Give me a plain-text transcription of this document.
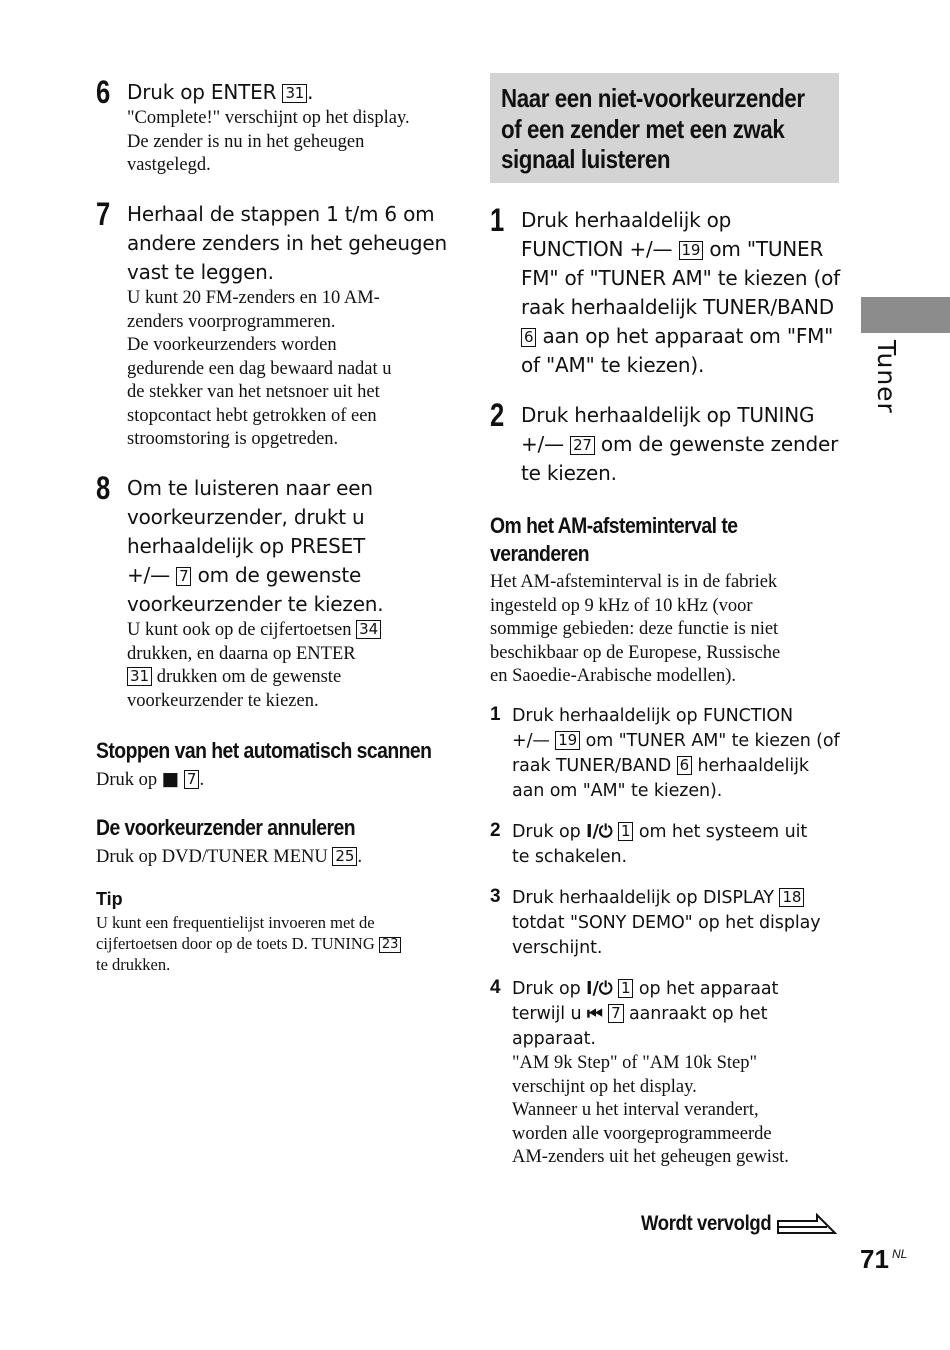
6 Druk op ENTER 31 .
"Complete!" verschijnt op het display.
De zender is nu in het geheugen
vastgelegd.
7 Herhaal de stappen 1 t/m 6 om
andere zenders in het geheugen
vast te leggen.
U kunt 20 FM-zenders en 10 AM-
zenders voorprogrammeren.
De voorkeurzenders worden
gedurende een dag bewaard nadat u
de stekker van het netsnoer uit het
stopcontact hebt getrokken of een
stroomstoring is opgetreden.
8 Om te luisteren naar een
voorkeurzender, drukt u
herhaaldelijk op PRESET
+/— 7 om de gewenste
voorkeurzender te kiezen.
U kunt ook op de cijfertoetsen 34
drukken, en daarna op ENTER
31 drukken om de gewenste
voorkeurzender te kiezen.
Stoppen van het automatisch scannen
Druk op ■ 7 .
De voorkeurzender annuleren
Druk op DVD/TUNER MENU 25 .
Tip
U kunt een frequentielijst invoeren met de
cijfertoetsen door op de toets D. TUNING 23
te drukken.
Naar een niet-voorkeurzender
of een zender met een zwak
signaal luisteren
1 Druk herhaaldelijk op
FUNCTION +/— 19 om "TUNER
FM" of "TUNER AM" te kiezen (of
raak herhaaldelijk TUNER/BAND
6 aan op het apparaat om "FM"
of "AM" te kiezen).
2 Druk herhaaldelijk op TUNING
+/— 27 om de gewenste zender
te kiezen.
Om het AM-afsteminterval te
veranderen
Het AM-afsteminterval is in de fabriek
ingesteld op 9 kHz of 10 kHz (voor
sommige gebieden: deze functie is niet
beschikbaar op de Europese, Russische
en Saoedie-Arabische modellen).
1 Druk herhaaldelijk op FUNCTION
+/— 19 om "TUNER AM" te kiezen (of
raak TUNER/BAND 6 herhaaldelijk
aan om "AM" te kiezen).
2 Druk op I/⏻ 1 om het systeem uit
te schakelen.
3 Druk herhaaldelijk op DISPLAY 18
totdat "SONY DEMO" op het display
verschijnt.
4 Druk op I/⏻ 1 op het apparaat
terwijl u ⏮ 7 aanraakt op het
apparaat.
"AM 9k Step" of "AM 10k Step"
verschijnt op het display.
Wanneer u het interval verandert,
worden alle voorgeprogrammeerde
AM-zenders uit het geheugen gewist.
Tuner
Wordt vervolgd
71 NL
